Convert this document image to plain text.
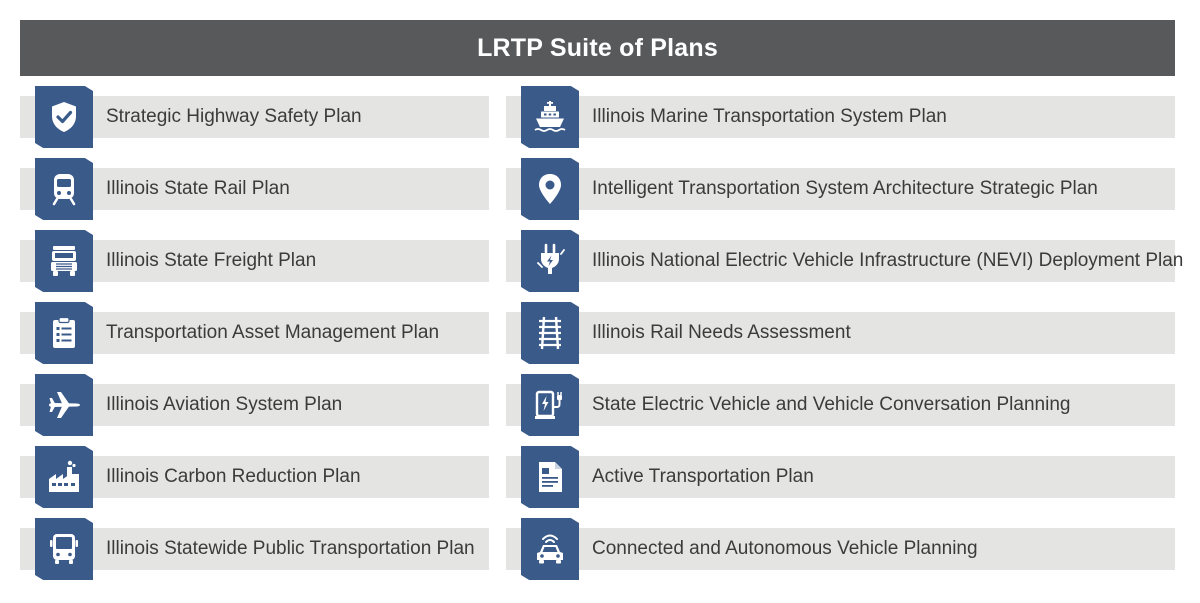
LRTP Suite of Plans
Strategic Highway Safety Plan
Illinois State Rail Plan
Illinois State Freight Plan
Transportation Asset Management Plan
Illinois Aviation System Plan
Illinois Carbon Reduction Plan
Illinois Statewide Public Transportation Plan
Illinois Marine Transportation System Plan
Intelligent Transportation System Architecture Strategic Plan
Illinois National Electric Vehicle Infrastructure (NEVI) Deployment Plan
Illinois Rail Needs Assessment
State Electric Vehicle and Vehicle Conversation Planning
Active Transportation Plan
Connected and Autonomous Vehicle Planning
